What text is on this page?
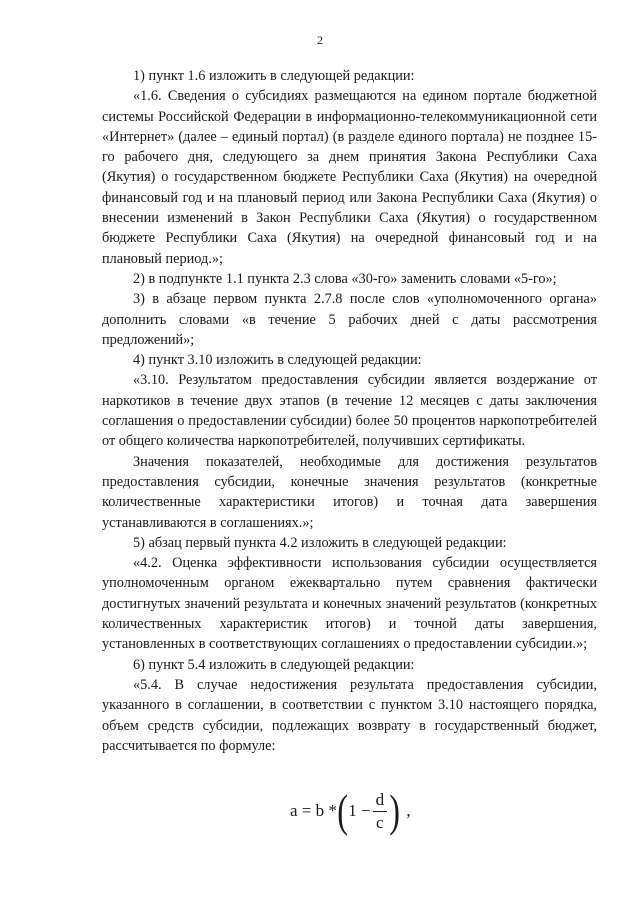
2

1) пункт 1.6 изложить в следующей редакции:

«1.6. Сведения о субсидиях размещаются на едином портале бюджетной системы Российской Федерации в информационно-телекоммуникационной сети «Интернет» (далее – единый портал) (в разделе единого портала) не позднее 15-го рабочего дня, следующего за днем принятия Закона Республики Саха (Якутия) о государственном бюджете Республики Саха (Якутия) на очередной финансовый год и на плановый период или Закона Республики Саха (Якутия) о внесении изменений в Закон Республики Саха (Якутия) о государственном бюджете Республики Саха (Якутия) на очередной финансовый год и на плановый период.»;

2) в подпункте 1.1 пункта 2.3 слова «30-го» заменить словами «5-го»;

3) в абзаце первом пункта 2.7.8 после слов «уполномоченного органа» дополнить словами «в течение 5 рабочих дней с даты рассмотрения предложений»;

4) пункт 3.10 изложить в следующей редакции:

«3.10. Результатом предоставления субсидии является воздержание от наркотиков в течение двух этапов (в течение 12 месяцев с даты заключения соглашения о предоставлении субсидии) более 50 процентов наркопотребителей от общего количества наркопотребителей, получивших сертификаты.

Значения показателей, необходимые для достижения результатов предоставления субсидии, конечные значения результатов (конкретные количественные характеристики итогов) и точная дата завершения устанавливаются в соглашениях.»;

5) абзац первый пункта 4.2 изложить в следующей редакции:

«4.2. Оценка эффективности использования субсидии осуществляется уполномоченным органом ежеквартально путем сравнения фактически достигнутых значений результата и конечных значений результатов (конкретных количественных характеристик итогов) и точной даты завершения, установленных в соответствующих соглашениях о предоставлении субсидии.»;

6) пункт 5.4 изложить в следующей редакции:

«5.4. В случае недостижения результата предоставления субсидии, указанного в соглашении, в соответствии с пунктом 3.10 настоящего порядка, объем средств субсидии, подлежащих возврату в государственный бюджет, рассчитывается по формуле:

a = b * ( $1 - \frac{d}{c}$ ) ,
